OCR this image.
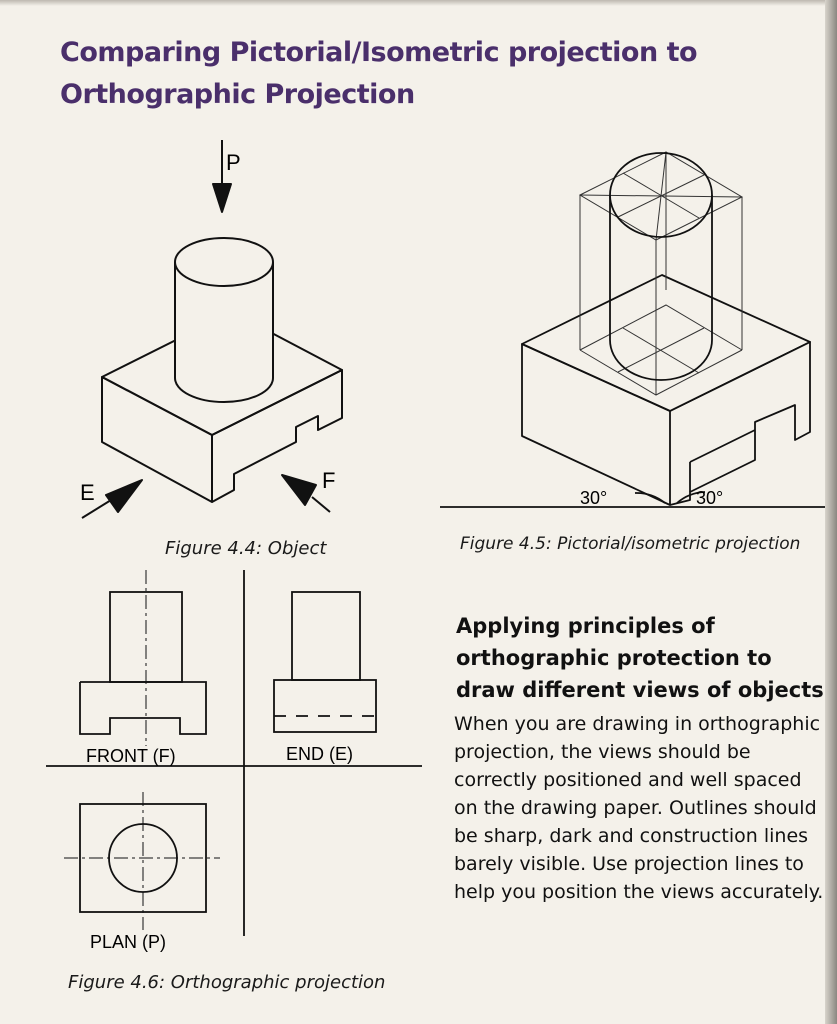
Comparing Pictorial/Isometric projection to Orthographic Projection
P
E	F
Figure 4.4: Object
30°	30°
Figure 4.5: Pictorial/isometric projection
FRONT (F)	END (E)
PLAN (P)
Figure 4.6: Orthographic projection
Applying principles of orthographic protection to draw different views of objects
When you are drawing in orthographic projection, the views should be correctly positioned and well spaced on the drawing paper. Outlines should be sharp, dark and construction lines barely visible. Use projection lines to help you position the views accurately.
